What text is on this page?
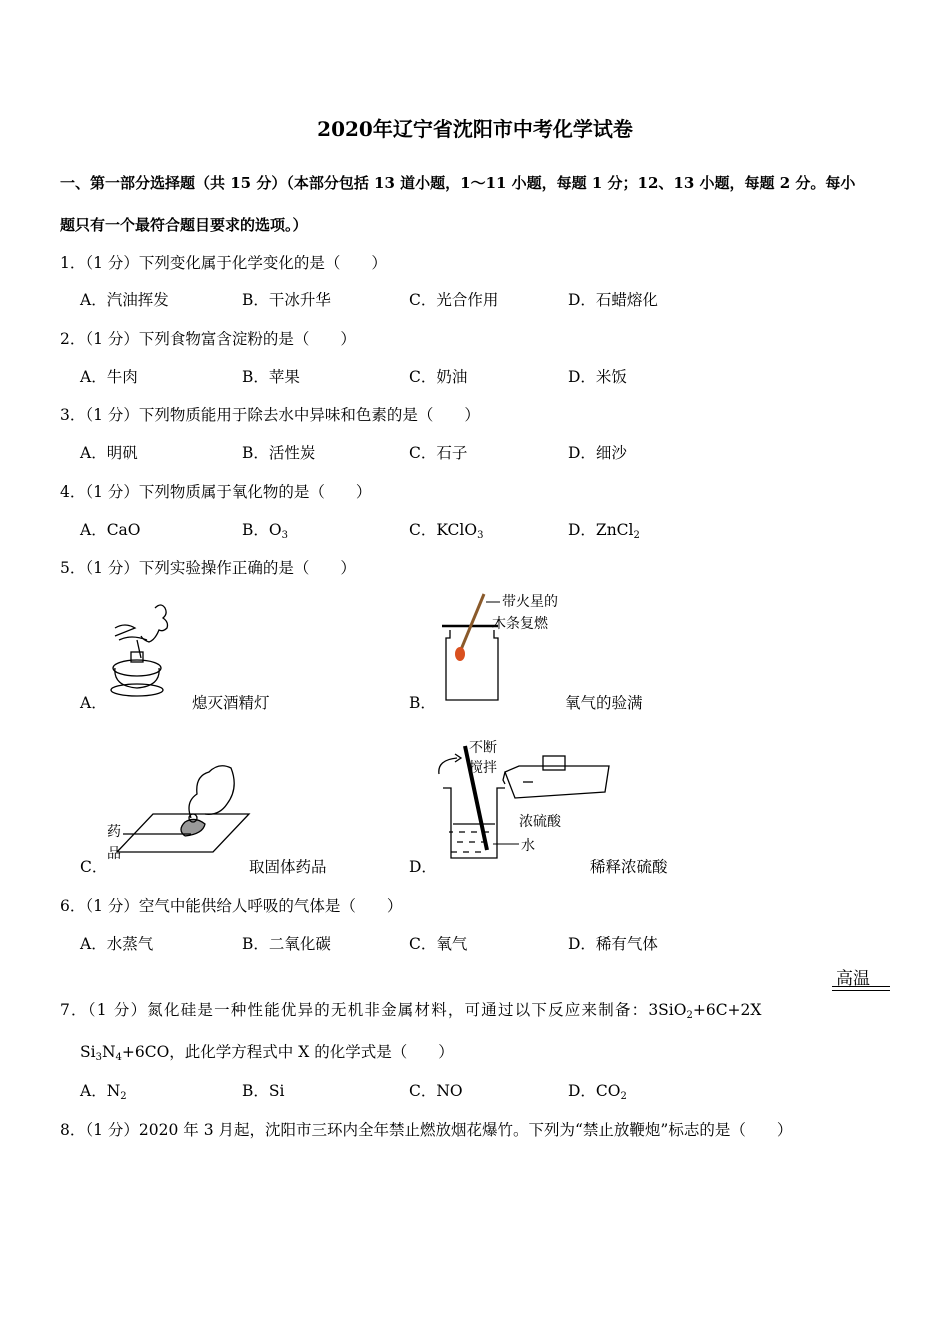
2020年辽宁省沈阳市中考化学试卷
一、第一部分选择题（共 15 分）（本部分包括 13 道小题，1～11 小题，每题 1 分；12、13 小题，每题 2 分。每小
题只有一个最符合题目要求的选项。）
1．（1 分）下列变化属于化学变化的是（　　）
A．汽油挥发	B．干冰升华	C．光合作用	D．石蜡熔化
2．（1 分）下列食物富含淀粉的是（　　）
A．牛肉	B．苹果	C．奶油	D．米饭
3．（1 分）下列物质能用于除去水中异味和色素的是（　　）
A．明矾	B．活性炭	C．石子	D．细沙
4．（1 分）下列物质属于氧化物的是（　　）
A．CaO	B．$O_3$	C．KClO$_3$	D．ZnCl$_2$
5．（1 分）下列实验操作正确的是（　　）
A．	熄灭酒精灯
带火星的
木条复燃
B．	氧气的验满
药
品
C．	取固体药品
不断
搅拌
浓硫酸
水
D．	稀释浓硫酸
6．（1 分）空气中能供给人呼吸的气体是（　　）
A．水蒸气	B．二氧化碳	C．氧气	D．稀有气体
高温
7．（1 分）氮化硅是一种性能优异的无机非金属材料，可通过以下反应来制备：3SiO$_2$+6C+2X
$Si_3N_4+6CO$，此化学方程式中 X 的化学式是（　　）
A．$N_2$	B．Si	C．NO	D．$CO_2$
8．（1 分）2020 年 3 月起，沈阳市三环内全年禁止燃放烟花爆竹。下列为“禁止放鞭炮”标志的是（　　）
